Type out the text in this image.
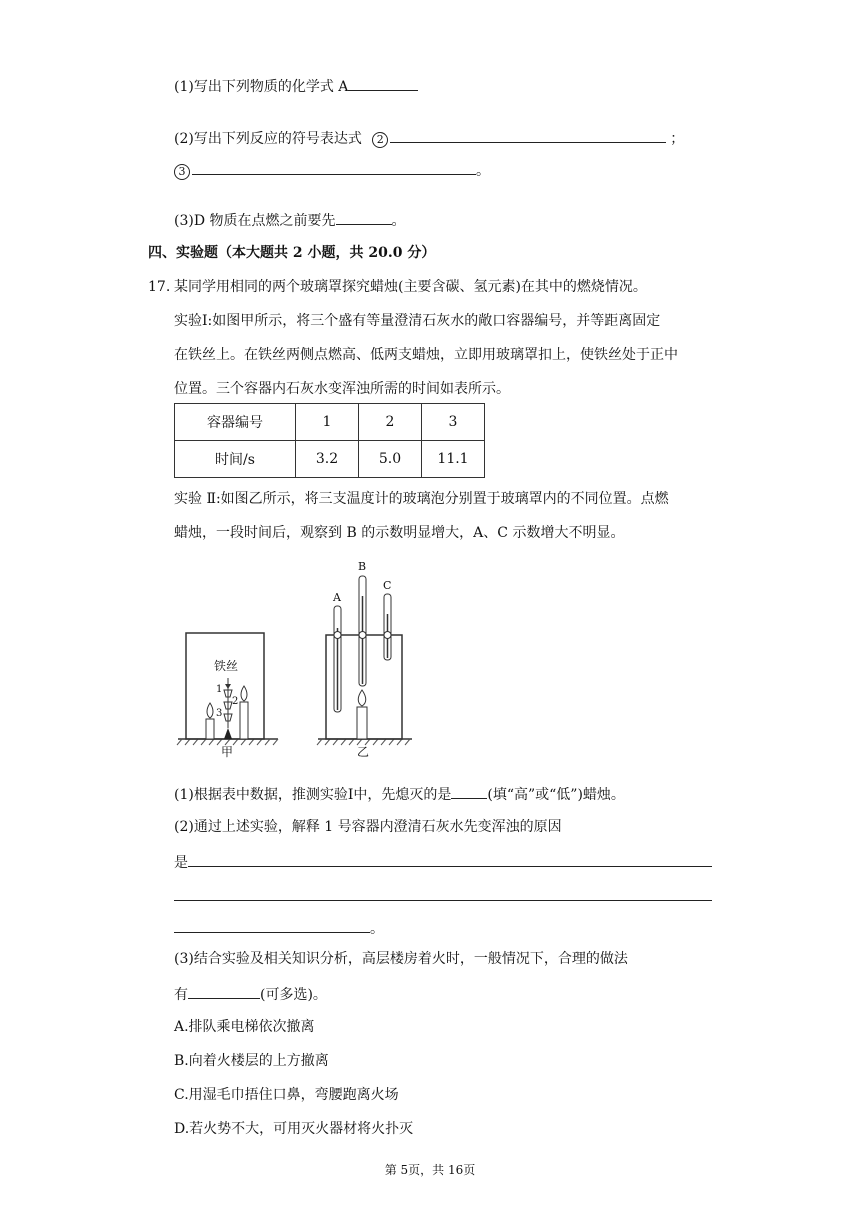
(1)写出下列物质的化学式 A
(2)写出下列反应的符号表达式 2	；
3	。
(3)D 物质在点燃之前要先	。
四、实验题（本大题共 2 小题，共 20.0 分）
17. 某同学用相同的两个玻璃罩探究蜡烛(主要含碳、氢元素)在其中的燃烧情况。
实验Ⅰ:如图甲所示，将三个盛有等量澄清石灰水的敞口容器编号，并等距离固定
在铁丝上。在铁丝两侧点燃高、低两支蜡烛，立即用玻璃罩扣上，使铁丝处于正中
位置。三个容器内石灰水变浑浊所需的时间如表所示。
容器编号	1	2	3
时间/s	3.2	5.0	11.1
实验 Ⅱ:如图乙所示，将三支温度计的玻璃泡分别置于玻璃罩内的不同位置。点燃
蜡烛，一段时间后，观察到 B 的示数明显增大，A、C 示数增大不明显。
铁丝
1
2
3
甲
A
B
C
乙
(1)根据表中数据，推测实验Ⅰ中，先熄灭的是	(填“高”或“低”)蜡烛。
(2)通过上述实验，解释 1 号容器内澄清石灰水先变浑浊的原因
是
。
(3)结合实验及相关知识分析，高层楼房着火时，一般情况下，合理的做法
有	(可多选)。
A.排队乘电梯依次撤离
B.向着火楼层的上方撤离
C.用湿毛巾捂住口鼻，弯腰跑离火场
D.若火势不大，可用灭火器材将火扑灭
第 5页，共 16页
